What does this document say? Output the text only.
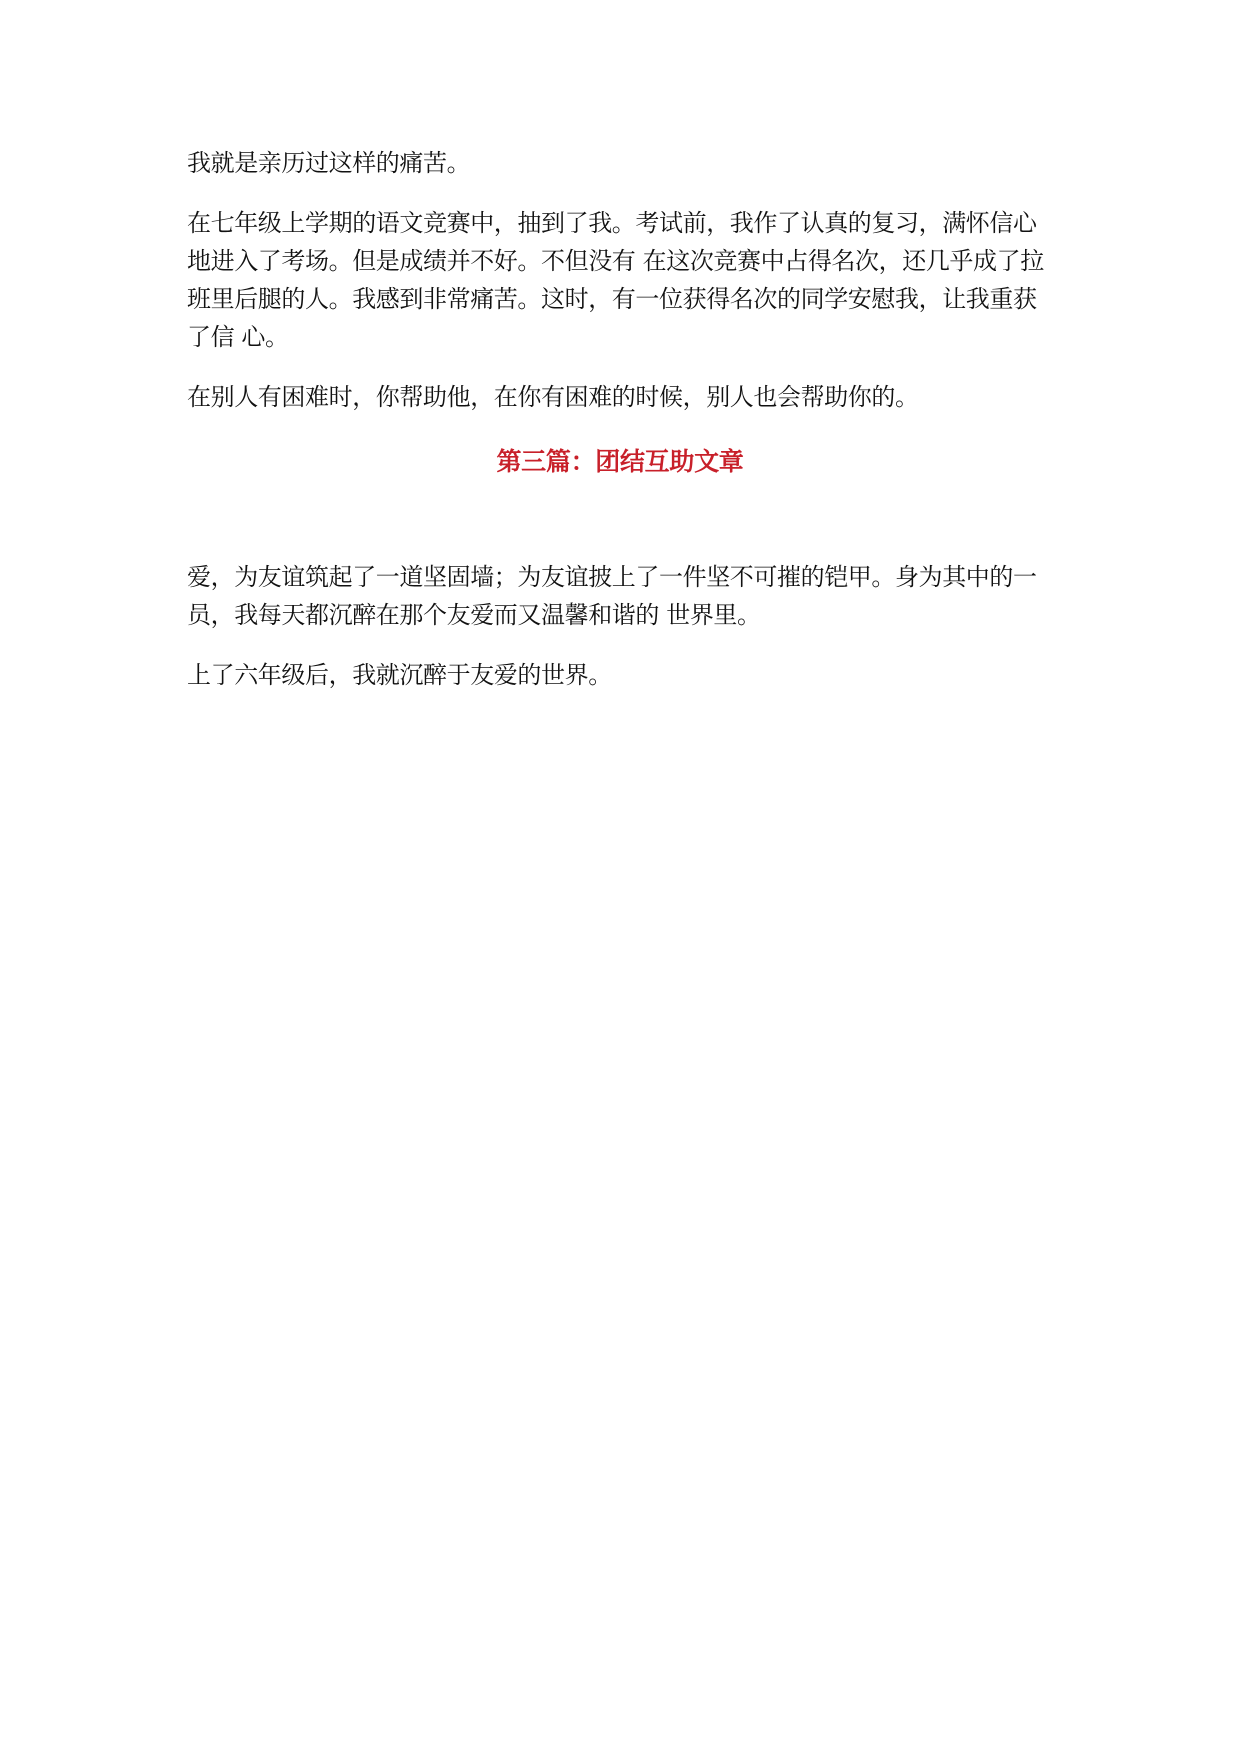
我就是亲历过这样的痛苦。

在七年级上学期的语文竞赛中，抽到了我。考试前，我作了认真的复习，满怀信心地进入了考场。但是成绩并不好。不但没有 在这次竞赛中占得名次，还几乎成了拉班里后腿的人。我感到非常痛苦。这时，有一位获得名次的同学安慰我，让我重获了信 心。

在别人有困难时，你帮助他，在你有困难的时候，别人也会帮助你的。

第三篇：团结互助文章

爱，为友谊筑起了一道坚固墙；为友谊披上了一件坚不可摧的铠甲。身为其中的一员，我每天都沉醉在那个友爱而又温馨和谐的 世界里。

上了六年级后，我就沉醉于友爱的世界。
